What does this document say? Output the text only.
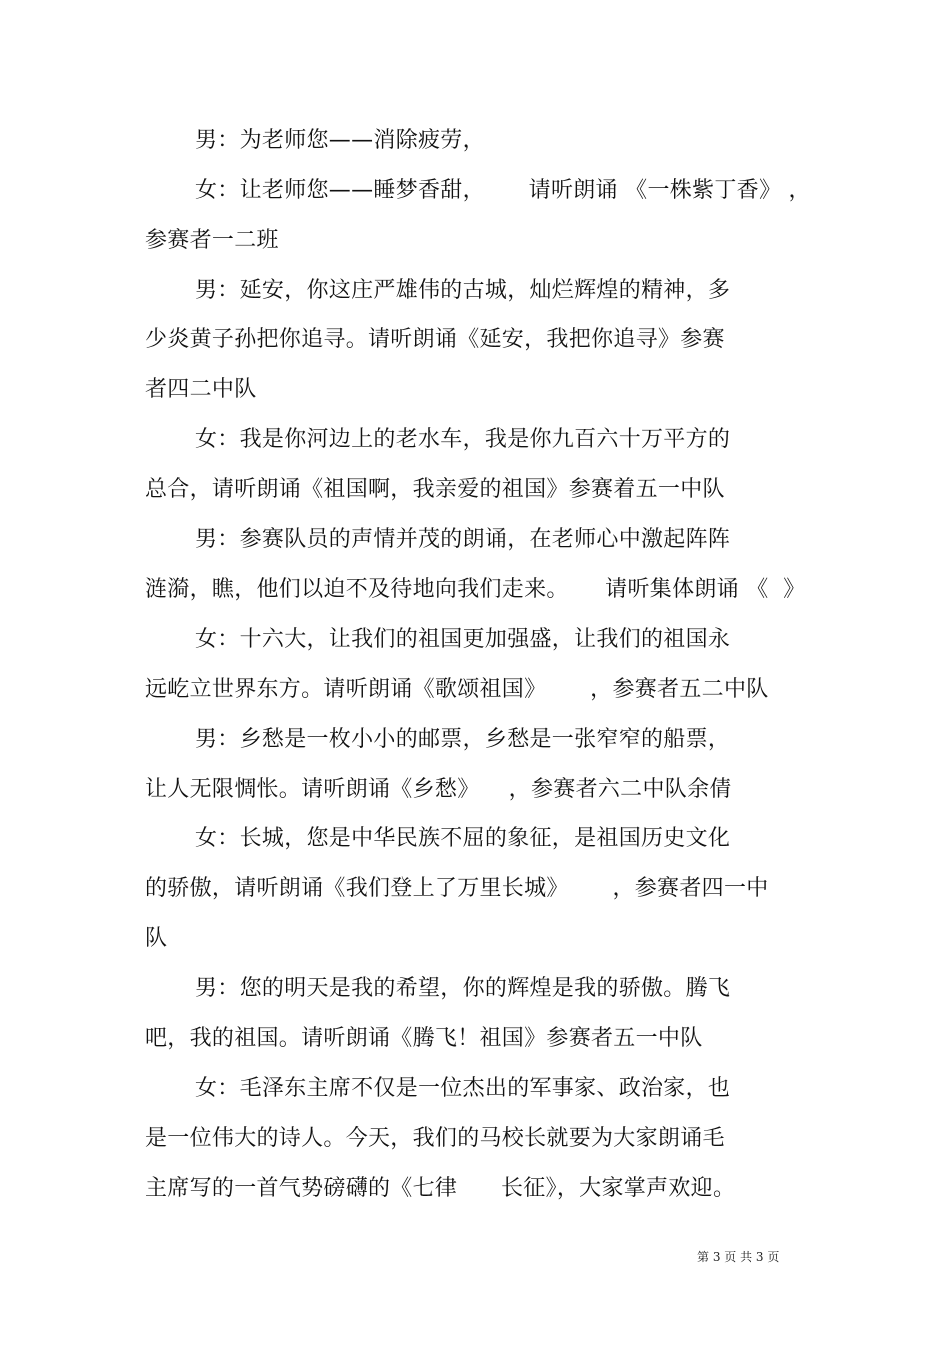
男：为老师您——消除疲劳，
女：让老师您——睡梦香甜，      请听朗诵 《一株紫丁香》 ，
参赛者一二班
男：延安，你这庄严雄伟的古城，灿烂辉煌的精神，多
少炎黄子孙把你追寻。请听朗诵《延安，我把你追寻》参赛
者四二中队
女：我是你河边上的老水车，我是你九百六十万平方的
总合，请听朗诵《祖国啊，我亲爱的祖国》参赛着五一中队
男：参赛队员的声情并茂的朗诵，在老师心中激起阵阵
涟漪，瞧，他们以迫不及待地向我们走来。     请听集体朗诵 《  》
女：十六大，让我们的祖国更加强盛，让我们的祖国永
远屹立世界东方。请听朗诵《歌颂祖国》      ，参赛者五二中队
男：乡愁是一枚小小的邮票，乡愁是一张窄窄的船票，
让人无限惆怅。请听朗诵《乡愁》    ，参赛者六二中队余倩
女：长城，您是中华民族不屈的象征，是祖国历史文化
的骄傲，请听朗诵《我们登上了万里长城》      ，参赛者四一中
队
男：您的明天是我的希望，你的辉煌是我的骄傲。腾飞
吧，我的祖国。请听朗诵《腾飞！祖国》参赛者五一中队
女：毛泽东主席不仅是一位杰出的军事家、政治家，也
是一位伟大的诗人。今天，我们的马校长就要为大家朗诵毛
主席写的一首气势磅礴的《七律      长征》，大家掌声欢迎。
第 3 页 共 3 页
